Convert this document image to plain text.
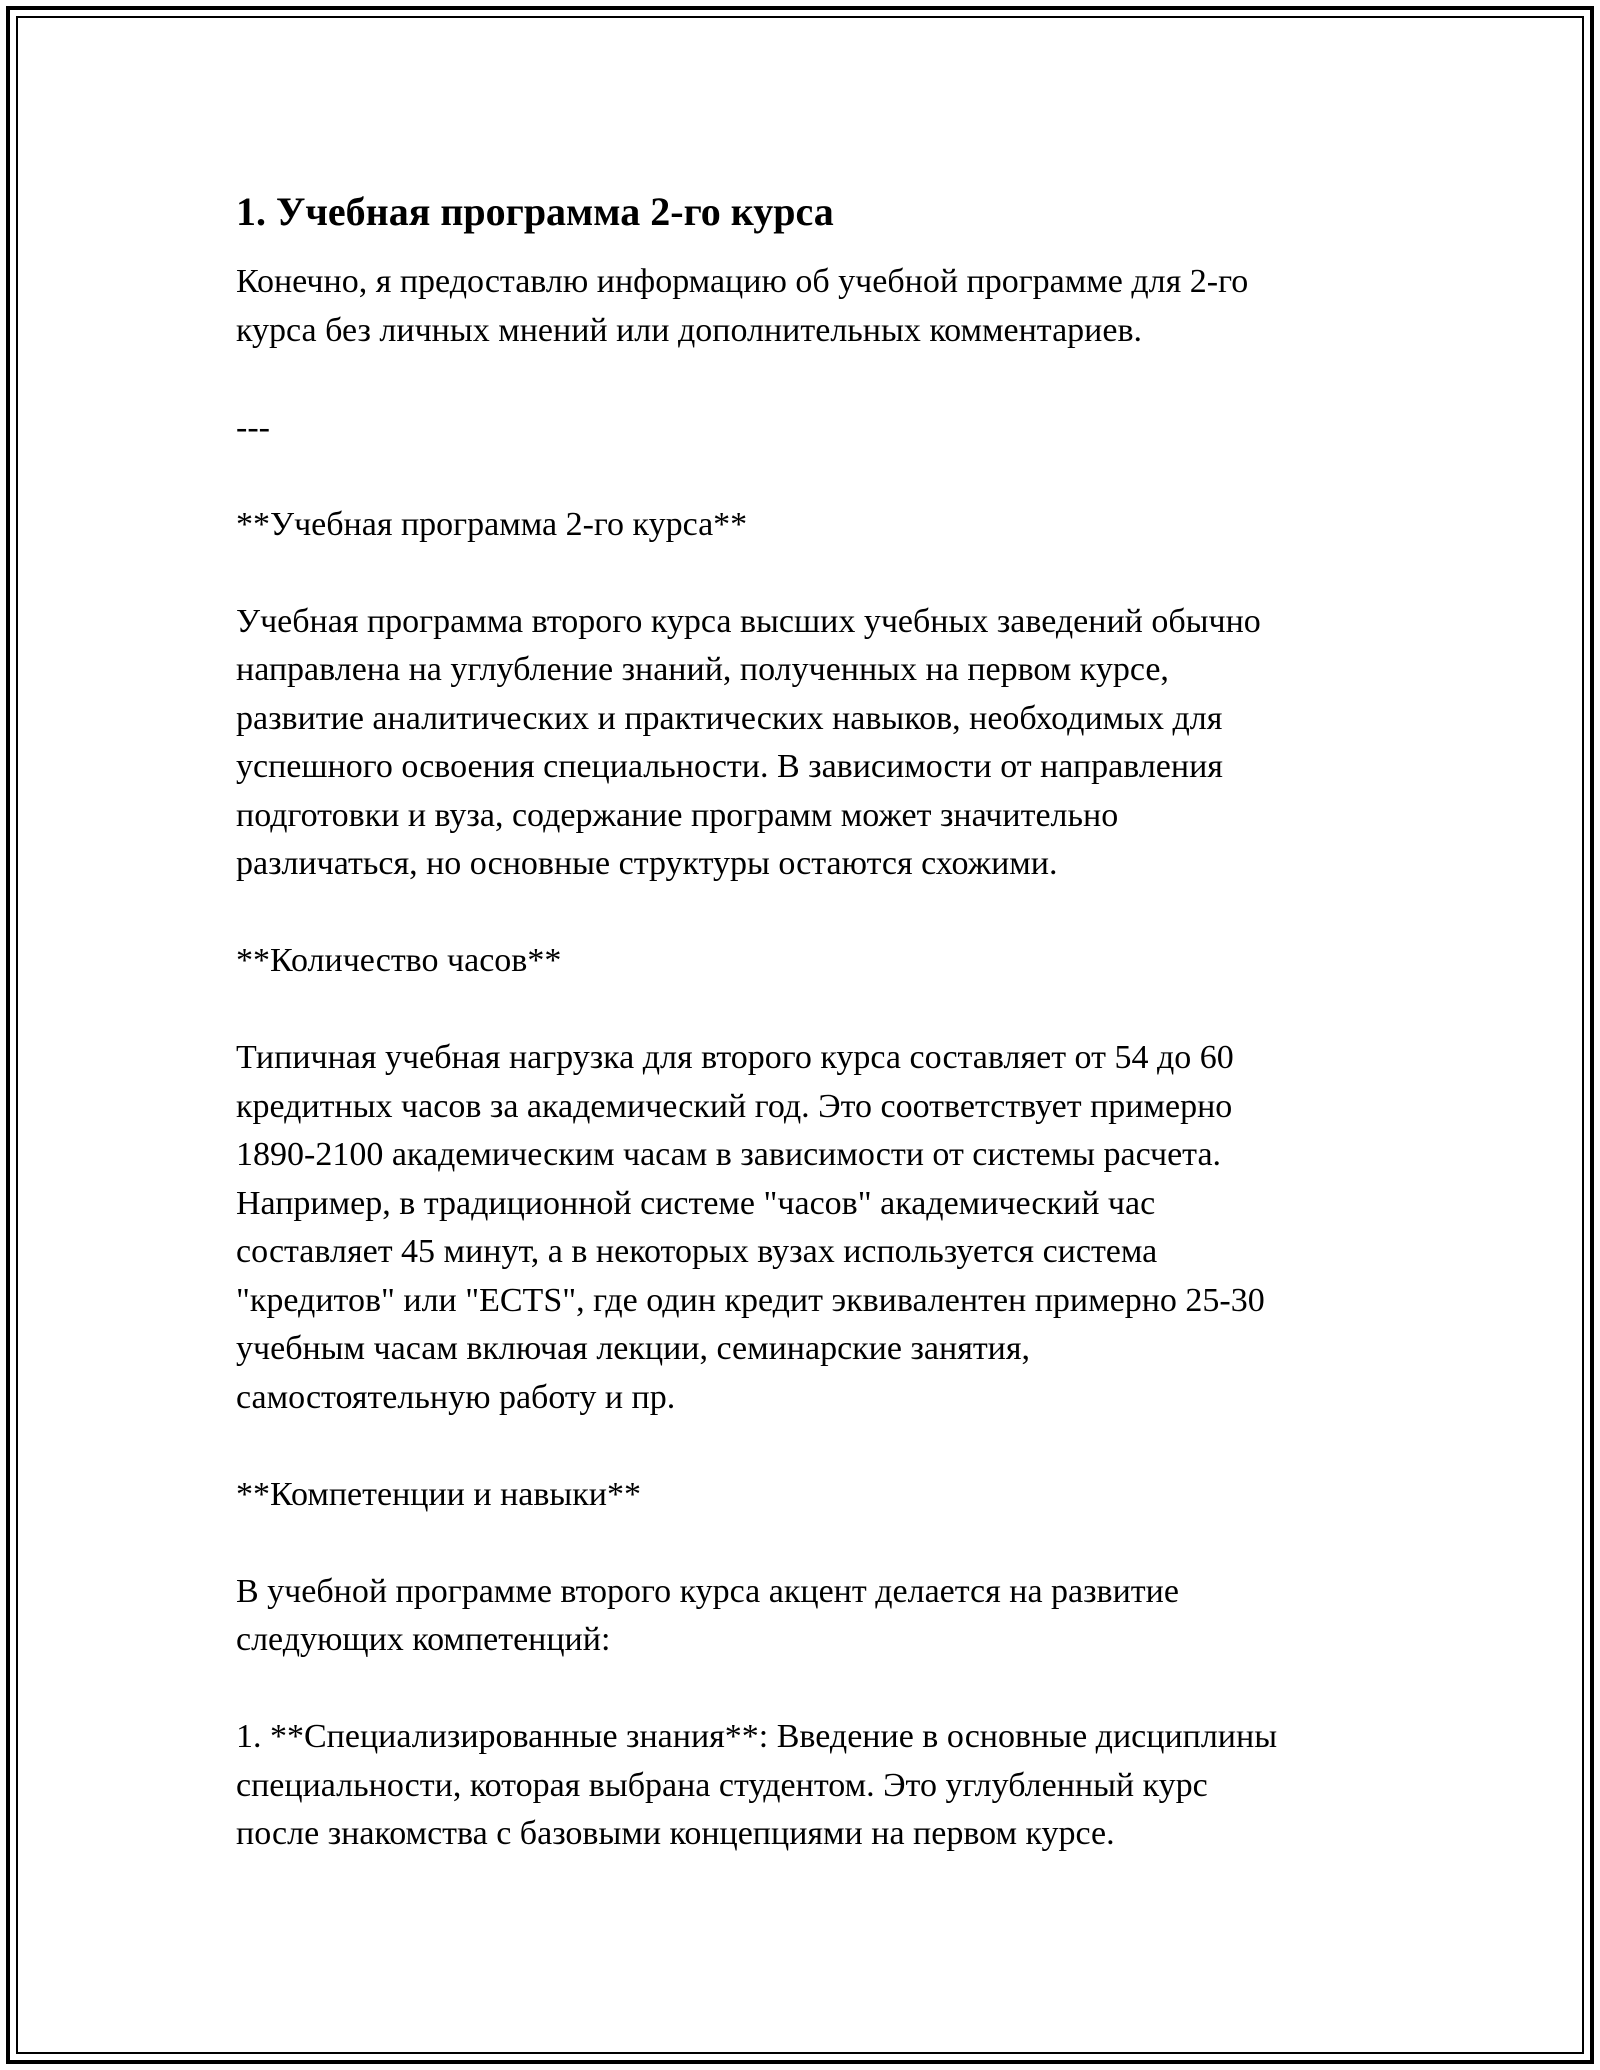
1. Учебная программа 2-го курса

Конечно, я предоставлю информацию об учебной программе для 2-го
курса без личных мнений или дополнительных комментариев.

---

**Учебная программа 2-го курса**

Учебная программа второго курса высших учебных заведений обычно
направлена на углубление знаний, полученных на первом курсе,
развитие аналитических и практических навыков, необходимых для
успешного освоения специальности. В зависимости от направления
подготовки и вуза, содержание программ может значительно
различаться, но основные структуры остаются схожими.

**Количество часов**

Типичная учебная нагрузка для второго курса составляет от 54 до 60
кредитных часов за академический год. Это соответствует примерно
1890-2100 академическим часам в зависимости от системы расчета.
Например, в традиционной системе "часов" академический час
составляет 45 минут, а в некоторых вузах используется система
"кредитов" или "ECTS", где один кредит эквивалентен примерно 25-30
учебным часам включая лекции, семинарские занятия,
самостоятельную работу и пр.

**Компетенции и навыки**

В учебной программе второго курса акцент делается на развитие
следующих компетенций:

1. **Специализированные знания**: Введение в основные дисциплины
специальности, которая выбрана студентом. Это углубленный курс
после знакомства с базовыми концепциями на первом курсе.
